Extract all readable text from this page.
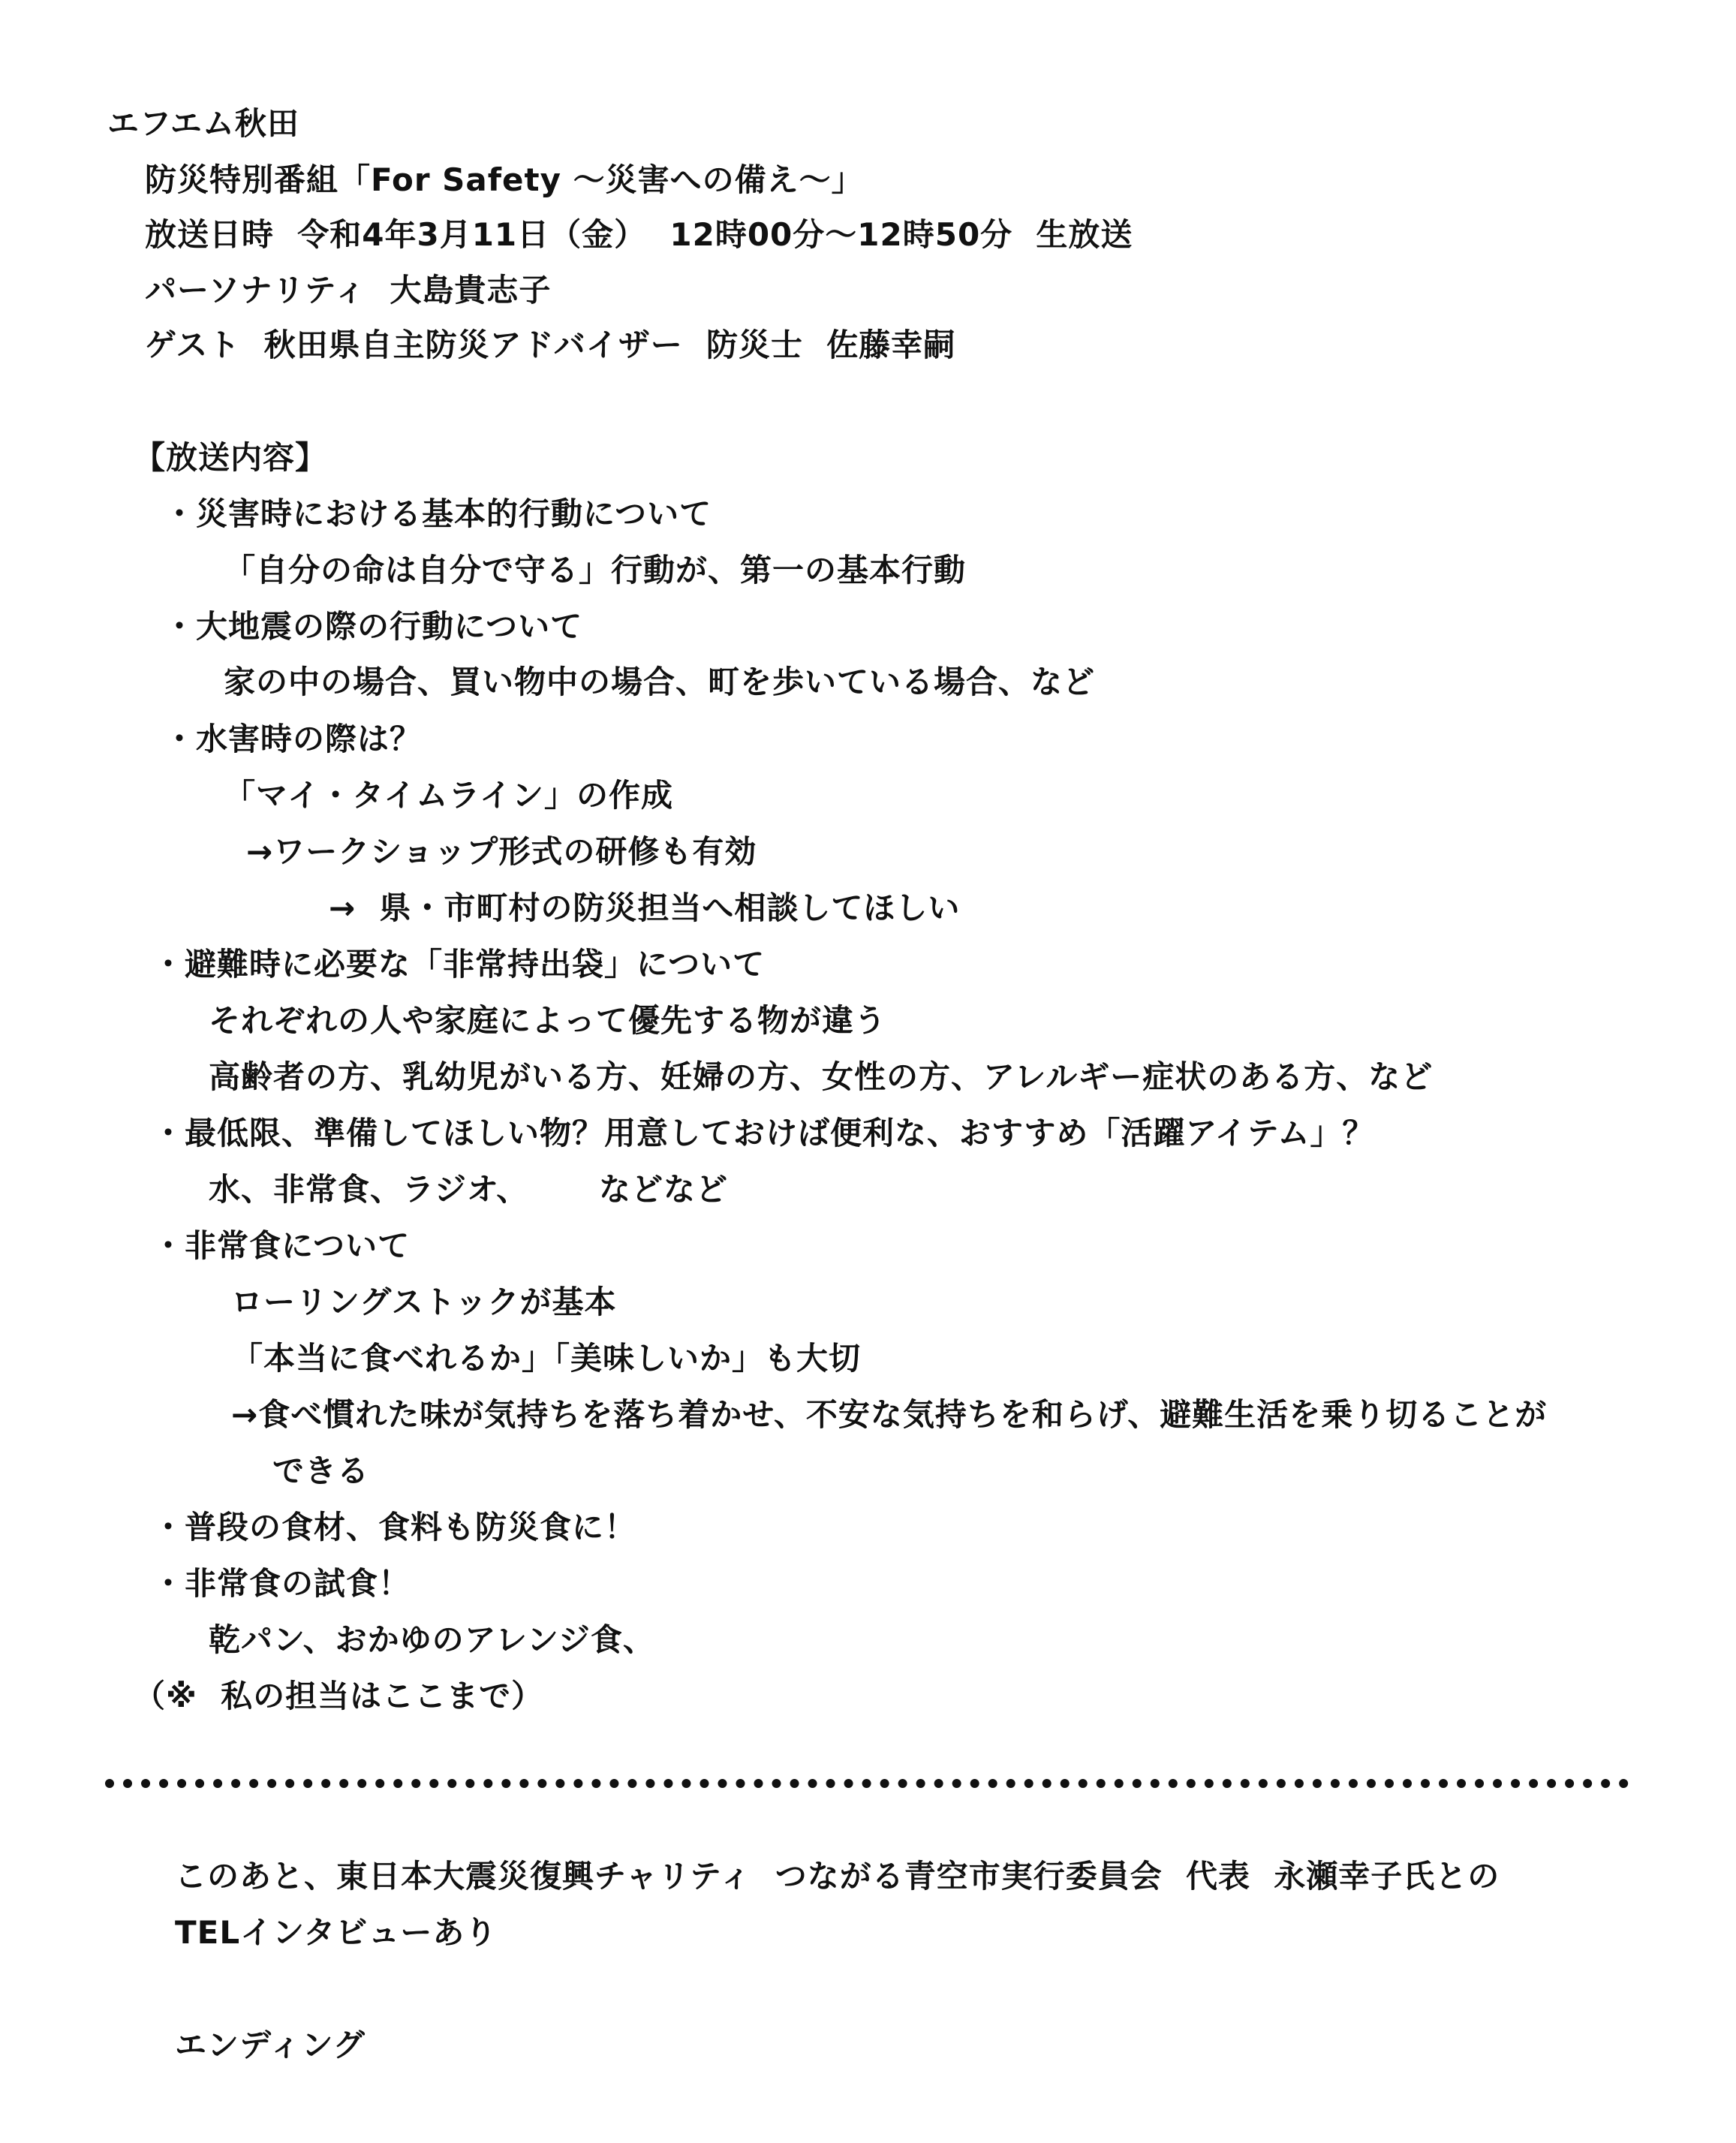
エフエム秋田
防災特別番組「For Safety ～災害への備え～」
放送日時  令和4年3月11日（金）  12時00分～12時50分  生放送
パーソナリティ  大島貴志子
ゲスト  秋田県自主防災アドバイザー  防災士  佐藤幸嗣
【放送内容】
・災害時における基本的行動について
「自分の命は自分で守る」行動が、第一の基本行動
・大地震の際の行動について
家の中の場合、買い物中の場合、町を歩いている場合、など
・水害時の際は？
「マイ・タイムライン」の作成
→ワークショップ形式の研修も有効
→  県・市町村の防災担当へ相談してほしい
・避難時に必要な「非常持出袋」について
それぞれの人や家庭によって優先する物が違う
高齢者の方、乳幼児がいる方、妊婦の方、女性の方、アレルギー症状のある方、など
・最低限、準備してほしい物？用意しておけば便利な、おすすめ「活躍アイテム」？
水、非常食、ラジオ、      などなど
・非常食について
ローリングストックが基本
「本当に食べれるか」「美味しいか」も大切
→食べ慣れた味が気持ちを落ち着かせ、不安な気持ちを和らげ、避難生活を乗り切ることが
できる
・普段の食材、食料も防災食に！
・非常食の試食！
乾パン、おかゆのアレンジ食、
（※  私の担当はここまで）
このあと、東日本大震災復興チャリティ  つながる青空市実行委員会  代表  永瀬幸子氏との
TELインタビューあり
エンディング
